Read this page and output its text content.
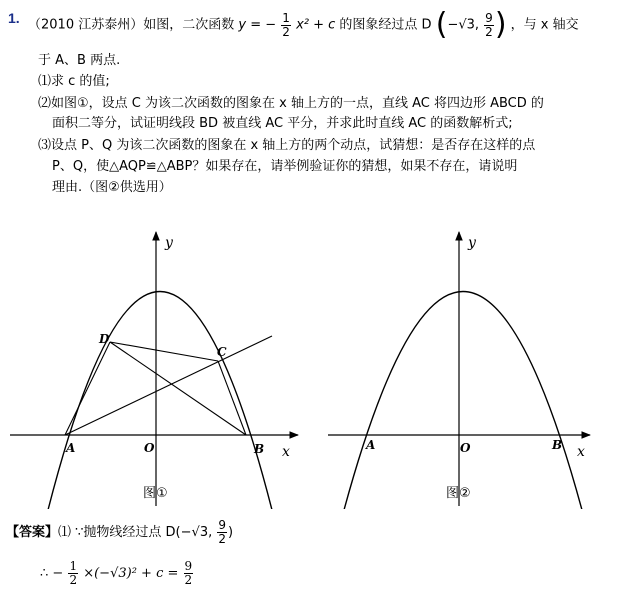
1. （2010 江苏泰州）如图，二次函数 y = − $\frac{1}{2} x^2 + c$ 的图象经过点 D (−√3, $\frac{9}{2}$ ) ，与 x 轴交
于 A、B 两点.
⑴求 c 的值;
⑵如图①，设点 C 为该二次函数的图象在 x 轴上方的一点，直线 AC 将四边形 ABCD 的
面积二等分，试证明线段 BD 被直线 AC 平分，并求此时直线 AC 的函数解析式;
⑶设点 P、Q 为该二次函数的图象在 x 轴上方的两个动点，试猜想：是否存在这样的点
P、Q，使△AQP≌△ABP？如果存在，请举例验证你的猜想，如果不存在，请说明
理由.（图②供选用）
y
x
O
A	B
C
D
图①
y
x
O
A	B
图②
【答案】⑴ ∵抛物线经过点 D(−√3, $\frac{9}{2}$ )
∴ − $\frac{1}{2} \times(-√3)^2 + c = \frac{9}{2}$
